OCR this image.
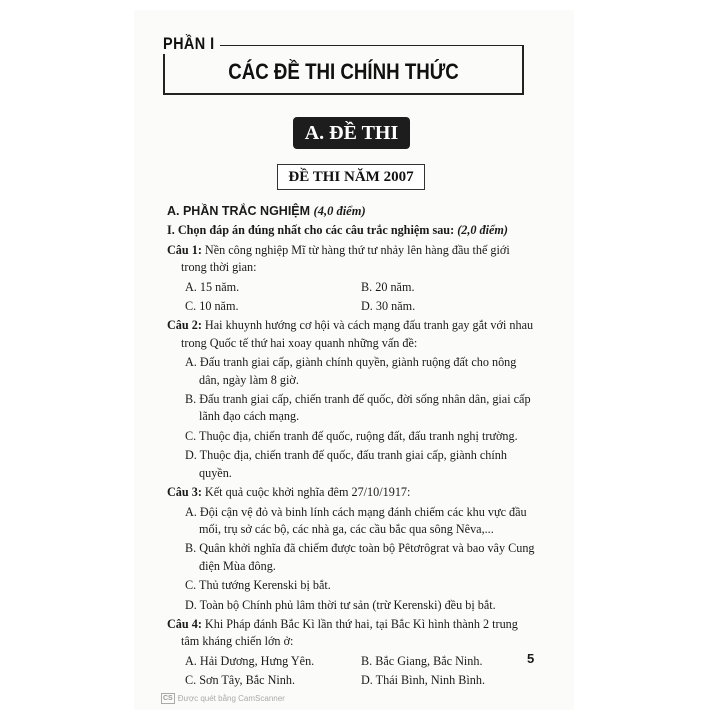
PHẦN I
CÁC ĐỀ THI CHÍNH THỨC
A. ĐỀ THI
ĐỀ THI NĂM 2007
A. PHẦN TRẮC NGHIỆM (4,0 điểm)
I. Chọn đáp án đúng nhất cho các câu trắc nghiệm sau: (2,0 điểm)
Câu 1: Nền công nghiệp Mĩ từ hàng thứ tư nhảy lên hàng đầu thế giới trong thời gian:
A. 15 năm.	B. 20 năm.
C. 10 năm.	D. 30 năm.
Câu 2: Hai khuynh hướng cơ hội và cách mạng đấu tranh gay gắt với nhau trong Quốc tế thứ hai xoay quanh những vấn đề:
A. Đấu tranh giai cấp, giành chính quyền, giành ruộng đất cho nông dân, ngày làm 8 giờ.
B. Đấu tranh giai cấp, chiến tranh đế quốc, đời sống nhân dân, giai cấp lãnh đạo cách mạng.
C. Thuộc địa, chiến tranh đế quốc, ruộng đất, đấu tranh nghị trường.
D. Thuộc địa, chiến tranh đế quốc, đấu tranh giai cấp, giành chính quyền.
Câu 3: Kết quả cuộc khởi nghĩa đêm 27/10/1917:
A. Đội cận vệ đỏ và binh lính cách mạng đánh chiếm các khu vực đầu mối, trụ sở các bộ, các nhà ga, các cầu bắc qua sông Nêva,...
B. Quân khởi nghĩa đã chiếm được toàn bộ Pêtơrôgrat và bao vây Cung điện Mùa đông.
C. Thủ tướng Kerenski bị bắt.
D. Toàn bộ Chính phủ lâm thời tư sản (trừ Kerenski) đều bị bắt.
Câu 4: Khi Pháp đánh Bắc Kì lần thứ hai, tại Bắc Kì hình thành 2 trung tâm kháng chiến lớn ở:
A. Hải Dương, Hưng Yên.	B. Bắc Giang, Bắc Ninh.
C. Sơn Tây, Bắc Ninh.	D. Thái Bình, Ninh Bình.
5
CS Được quét bằng CamScanner
